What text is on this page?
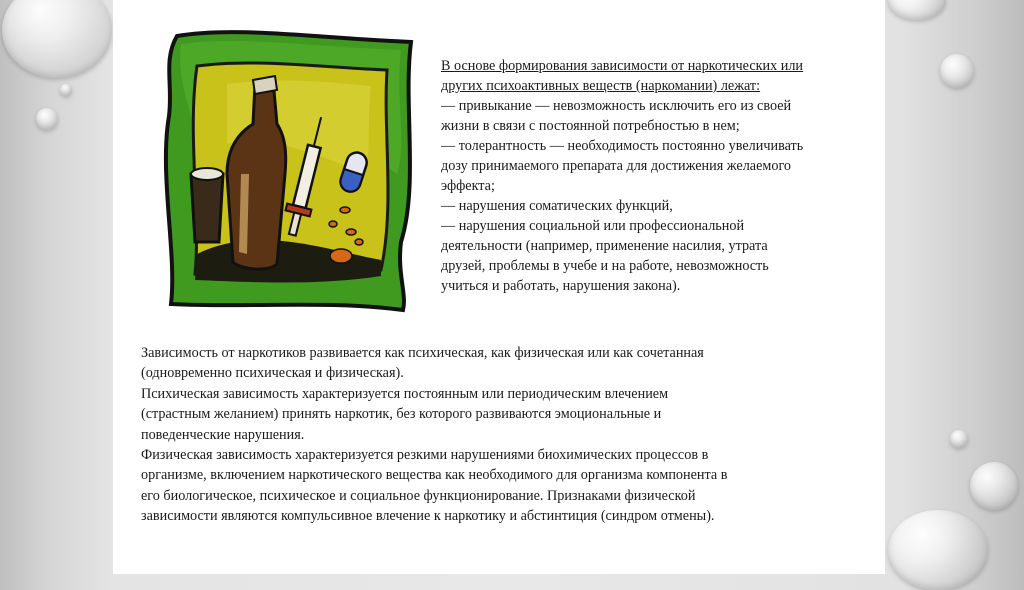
В основе формирования зависимости от наркотических или
других психоактивных веществ (наркомании) лежат:
— привыкание — невозможность исключить его из своей
жизни в связи с постоянной потребностью в нем;
— толерантность — необходимость постоянно увеличивать
дозу принимаемого препарата для достижения желаемого
эффекта;
— нарушения соматических функций,
— нарушения социальной или профессиональной
деятельности (например, применение насилия, утрата
друзей, проблемы в учебе и на работе, невозможность
учиться и работать, нарушения закона).

Зависимость от наркотиков развивается как психическая, как физическая или как сочетанная
(одновременно психическая и физическая).
Психическая зависимость характеризуется постоянным или периодическим влечением
(страстным желанием) принять наркотик, без которого развиваются эмоциональные и
поведенческие нарушения.
Физическая зависимость характеризуется резкими нарушениями биохимических процессов в
организме, включением наркотического вещества как необходимого для организма компонента в
его биологическое, психическое и социальное функционирование. Признаками физической
зависимости являются компульсивное влечение к наркотику и абстинтиция (синдром отмены).
